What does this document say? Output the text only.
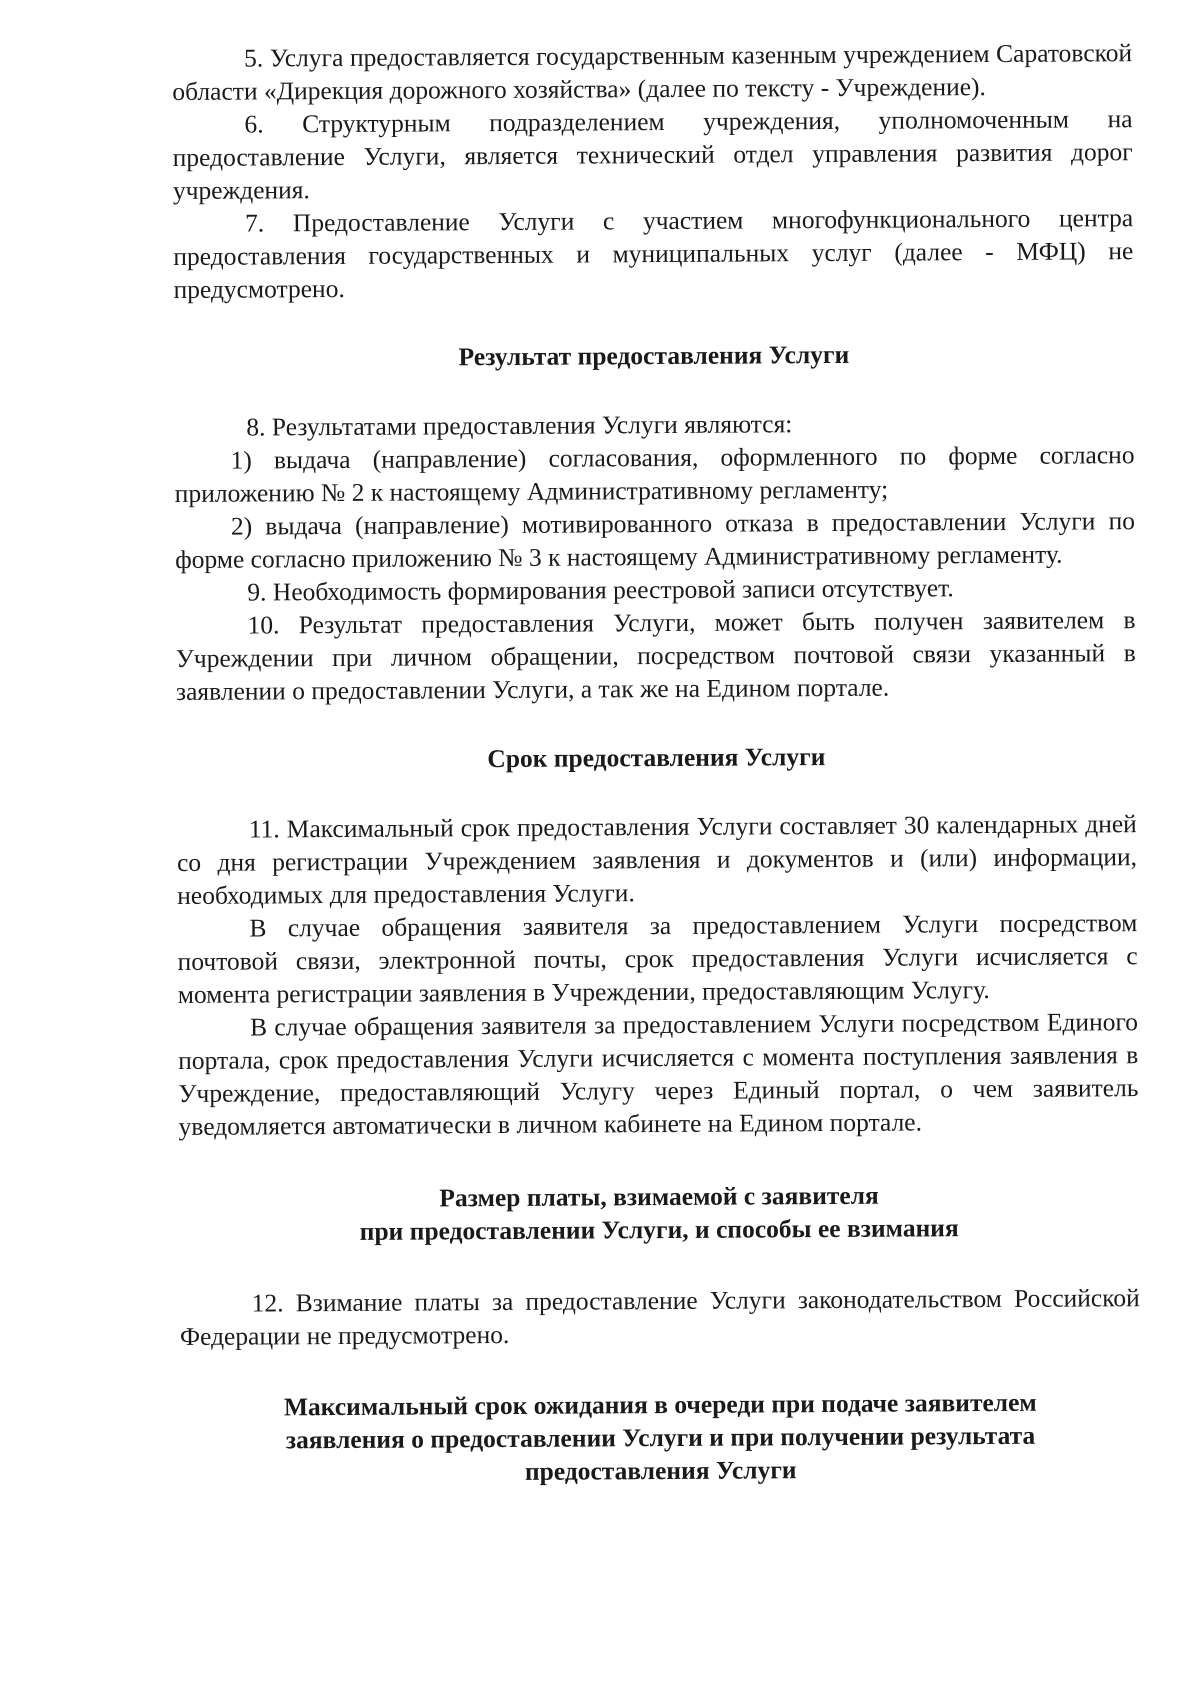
5. Услуга предоставляется государственным казенным учреждением Саратовской области «Дирекция дорожного хозяйства» (далее по тексту - Учреждение).

6. Структурным подразделением учреждения, уполномоченным на предоставление Услуги, является технический отдел управления развития дорог учреждения.

7. Предоставление Услуги с участием многофункционального центра предоставления государственных и муниципальных услуг (далее - МФЦ) не предусмотрено.

Результат предоставления Услуги

8. Результатами предоставления Услуги являются:

1) выдача (направление) согласования, оформленного по форме согласно приложению № 2 к настоящему Административному регламенту;

2) выдача (направление) мотивированного отказа в предоставлении Услуги по форме согласно приложению № 3 к настоящему Административному регламенту.

9. Необходимость формирования реестровой записи отсутствует.

10. Результат предоставления Услуги, может быть получен заявителем в Учреждении при личном обращении, посредством почтовой связи указанный в заявлении о предоставлении Услуги, а так же на Едином портале.

Срок предоставления Услуги

11. Максимальный срок предоставления Услуги составляет 30 календарных дней со дня регистрации Учреждением заявления и документов и (или) информации, необходимых для предоставления Услуги.

В случае обращения заявителя за предоставлением Услуги посредством почтовой связи, электронной почты, срок предоставления Услуги исчисляется с момента регистрации заявления в Учреждении, предоставляющим Услугу.

В случае обращения заявителя за предоставлением Услуги посредством Единого портала, срок предоставления Услуги исчисляется с момента поступления заявления в Учреждение, предоставляющий Услугу через Единый портал, о чем заявитель уведомляется автоматически в личном кабинете на Едином портале.

Размер платы, взимаемой с заявителя
при предоставлении Услуги, и способы ее взимания

12. Взимание платы за предоставление Услуги законодательством Российской Федерации не предусмотрено.

Максимальный срок ожидания в очереди при подаче заявителем
заявления о предоставлении Услуги и при получении результата
предоставления Услуги
